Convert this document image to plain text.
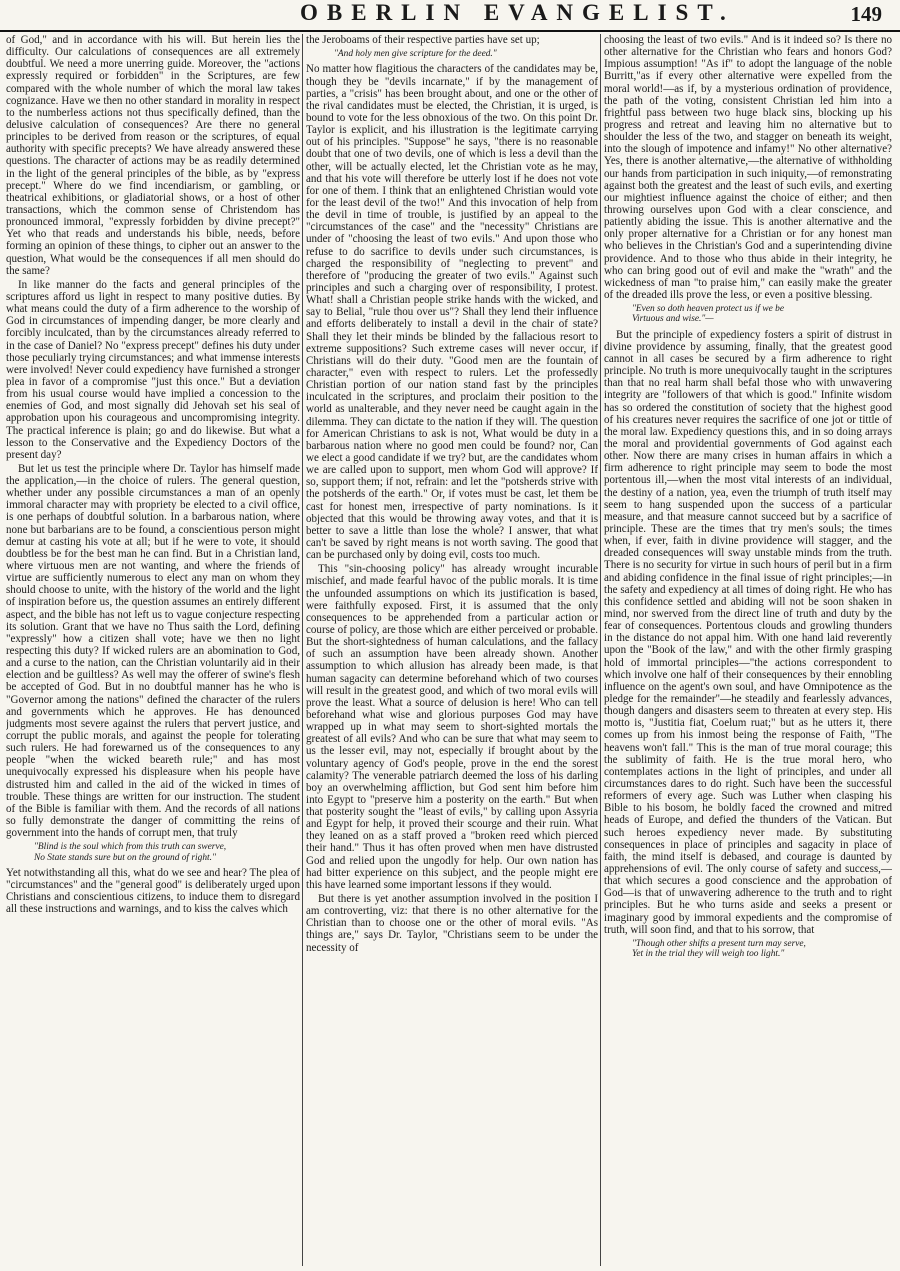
OBERLIN EVANGELIST.	149

of God," and in accordance with his will. But herein lies the difficulty. Our calculations of consequences are all extremely doubtful. We need a more unerring guide. Moreover, the "actions expressly required or forbidden" in the Scriptures, are few compared with the whole number of which the moral law takes cognizance. Have we then no other standard in morality in respect to the numberless actions not thus specifically defined, than the delusive calculation of consequences? Are there no general principles to be derived from reason or the scriptures, of equal authority with specific precepts? We have already answered these questions. The character of actions may be as readily determined in the light of the general principles of the bible, as by "express precept." Where do we find incendiarism, or gambling, or theatrical exhibitions, or gladiatorial shows, or a host of other transactions, which the common sense of Christendom has pronounced immoral, "expressly forbidden by divine precept?" Yet who that reads and understands his bible, needs, before forming an opinion of these things, to cipher out an answer to the question, What would be the consequences if all men should do the same?

In like manner do the facts and general principles of the scriptures afford us light in respect to many positive duties. By what means could the duty of a firm adherence to the worship of God in circumstances of impending danger, be more clearly and forcibly inculcated, than by the circumstances already referred to in the case of Daniel? No "express precept" defines his duty under those peculiarly trying circumstances; and what immense interests were involved! Never could expediency have furnished a stronger plea in favor of a compromise "just this once." But a deviation from his usual course would have implied a concession to the enemies of God, and most signally did Jehovah set his seal of approbation upon his courageous and uncompromising integrity. The practical inference is plain; go and do likewise. But what a lesson to the Conservative and the Expediency Doctors of the present day?

But let us test the principle where Dr. Taylor has himself made the application,—in the choice of rulers. The general question, whether under any possible circumstances a man of an openly immoral character may with propriety be elected to a civil office, is one perhaps of doubtful solution. In a barbarous nation, where none but barbarians are to be found, a conscientious person might demur at casting his vote at all; but if he were to vote, it should doubtless be for the best man he can find. But in a Christian land, where virtuous men are not wanting, and where the friends of virtue are sufficiently numerous to elect any man on whom they should choose to unite, with the history of the world and the light of inspiration before us, the question assumes an entirely different aspect, and the bible has not left us to vague conjecture respecting its solution. Grant that we have no Thus saith the Lord, defining "expressly" how a citizen shall vote; have we then no light respecting this duty? If wicked rulers are an abomination to God, and a curse to the nation, can the Christian voluntarily aid in their election and be guiltless? As well may the offerer of swine's flesh be accepted of God. But in no doubtful manner has he who is "Governor among the nations" defined the character of the rulers and governments which he approves. He has denounced judgments most severe against the rulers that pervert justice, and corrupt the public morals, and against the people for tolerating such rulers. He had forewarned us of the consequences to any people "when the wicked beareth rule;" and has most unequivocally expressed his displeasure when his people have distrusted him and called in the aid of the wicked in times of trouble. These things are written for our instruction. The student of the Bible is familiar with them. And the records of all nations so fully demonstrate the danger of committing the reins of government into the hands of corrupt men, that truly

"Blind is the soul which from this truth can swerve,
No State stands sure but on the ground of right."

Yet notwithstanding all this, what do we see and hear? The plea of "circumstances" and the "general good" is deliberately urged upon Christians and conscientious citizens, to induce them to disregard all these instructions and warnings, and to kiss the calves which

the Jeroboams of their respective parties have set up;

"And holy men give scripture for the deed."

No matter how flagitious the characters of the candidates may be, though they be "devils incarnate," if by the management of parties, a "crisis" has been brought about, and one or the other of the rival candidates must be elected, the Christian, it is urged, is bound to vote for the less obnoxious of the two. On this point Dr. Taylor is explicit, and his illustration is the legitimate carrying out of his principles. "Suppose" he says, "there is no reasonable doubt that one of two devils, one of which is less a devil than the other, will be actually elected, let the Christian vote as he may, and that his vote will therefore be utterly lost if he does not vote for one of them. I think that an enlightened Christian would vote for the least devil of the two!" And this invocation of help from the devil in time of trouble, is justified by an appeal to the "circumstances of the case" and the "necessity" Christians are under of "choosing the least of two evils." And upon those who refuse to do sacrifice to devils under such circumstances, is charged the responsibility of "neglecting to prevent" and therefore of "producing the greater of two evils." Against such principles and such a charging over of responsibility, I protest. What! shall a Christian people strike hands with the wicked, and say to Belial, "rule thou over us"? Shall they lend their influence and efforts deliberately to install a devil in the chair of state? Shall they let their minds be blinded by the fallacious resort to extreme suppositions? Such extreme cases will never occur, if Christians will do their duty. "Good men are the fountain of character," even with respect to rulers. Let the professedly Christian portion of our nation stand fast by the principles inculcated in the scriptures, and proclaim their position to the world as unalterable, and they never need be caught again in the dilemma. They can dictate to the nation if they will. The question for American Christians to ask is not, What would be duty in a barbarous nation where no good men could be found? nor, Can we elect a good candidate if we try? but, are the candidates whom we are called upon to support, men whom God will approve? If so, support them; if not, refrain: and let the "potsherds strive with the potsherds of the earth." Or, if votes must be cast, let them be cast for honest men, irrespective of party nominations. Is it objected that this would be throwing away votes, and that it is better to save a little than lose the whole? I answer, that what can't be saved by right means is not worth saving. The good that can be purchased only by doing evil, costs too much.

This "sin-choosing policy" has already wrought incurable mischief, and made fearful havoc of the public morals. It is time the unfounded assumptions on which its justification is based, were faithfully exposed. First, it is assumed that the only consequences to be apprehended from a particular action or course of policy, are those which are either perceived or probable. But the short-sightedness of human calculations, and the fallacy of such an assumption have been already shown. Another assumption to which allusion has already been made, is that human sagacity can determine beforehand which of two courses will result in the greatest good, and which of two moral evils will prove the least. What a source of delusion is here! Who can tell beforehand what wise and glorious purposes God may have wrapped up in what may seem to short-sighted mortals the greatest of all evils? And who can be sure that what may seem to us the lesser evil, may not, especially if brought about by the voluntary agency of God's people, prove in the end the sorest calamity? The venerable patriarch deemed the loss of his darling boy an overwhelming affliction, but God sent him before him into Egypt to "preserve him a posterity on the earth." But when that posterity sought the "least of evils," by calling upon Assyria and Egypt for help, it proved their scourge and their ruin. What they leaned on as a staff proved a "broken reed which pierced their hand." Thus it has often proved when men have distrusted God and relied upon the ungodly for help. Our own nation has had bitter experience on this subject, and the people might ere this have learned some important lessons if they would.

But there is yet another assumption involved in the position I am controverting, viz: that there is no other alternative for the Christian than to choose one or the other of moral evils. "As things are," says Dr. Taylor, "Christians seem to be under the necessity of

choosing the least of two evils." And is it indeed so? Is there no other alternative for the Christian who fears and honors God? Impious assumption! "As if" to adopt the language of the noble Burritt,"as if every other alternative were expelled from the moral world!—as if, by a mysterious ordination of providence, the path of the voting, consistent Christian led him into a frightful pass between two huge black sins, blocking up his progress and retreat and leaving him no alternative but to shoulder the less of the two, and stagger on beneath its weight, into the slough of impotence and infamy!" No other alternative? Yes, there is another alternative,—the alternative of withholding our hands from participation in such iniquity,—of remonstrating against both the greatest and the least of such evils, and exerting our mightiest influence against the choice of either; and then throwing ourselves upon God with a clear conscience, and patiently abiding the issue. This is another alternative and the only proper alternative for a Christian or for any honest man who believes in the Christian's God and a superintending divine providence. And to those who thus abide in their integrity, he who can bring good out of evil and make the "wrath" and the wickedness of man "to praise him," can easily make the greater of the dreaded ills prove the less, or even a positive blessing.

"Even so doth heaven protect us if we be
Virtuous and wise."—

But the principle of expediency fosters a spirit of distrust in divine providence by assuming, finally, that the greatest good cannot in all cases be secured by a firm adherence to right principle. No truth is more unequivocally taught in the scriptures than that no real harm shall befal those who with unwavering integrity are "followers of that which is good." Infinite wisdom has so ordered the constitution of society that the highest good of his creatures never requires the sacrifice of one jot or tittle of the moral law. Expediency questions this, and in so doing arrays the moral and providential governments of God against each other. Now there are many crises in human affairs in which a firm adherence to right principle may seem to bode the most portentous ill,—when the most vital interests of an individual, the destiny of a nation, yea, even the triumph of truth itself may seem to hang suspended upon the success of a particular measure, and that measure cannot succeed but by a sacrifice of principle. These are the times that try men's souls; the times when, if ever, faith in divine providence will stagger, and the dreaded consequences will sway unstable minds from the truth. There is no security for virtue in such hours of peril but in a firm and abiding confidence in the final issue of right principles;—in the safety and expediency at all times of doing right. He who has this confidence settled and abiding will not be soon shaken in mind, nor swerved from the direct line of truth and duty by the fear of consequences. Portentous clouds and growling thunders in the distance do not appal him. With one hand laid reverently upon the "Book of the law," and with the other firmly grasping hold of immortal principles—"the actions correspondent to which involve one half of their consequences by their ennobling influence on the agent's own soul, and have Omnipotence as the pledge for the remainder"—he steadily and fearlessly advances, though dangers and disasters seem to threaten at every step. His motto is, "Justitia fiat, Coelum ruat;" but as he utters it, there comes up from his inmost being the response of Faith, "The heavens won't fall." This is the man of true moral courage; this the sublimity of faith. He is the true moral hero, who contemplates actions in the light of principles, and under all circumstances dares to do right. Such have been the successful reformers of every age. Such was Luther when clasping his Bible to his bosom, he boldly faced the crowned and mitred heads of Europe, and defied the thunders of the Vatican. But such heroes expediency never made. By substituting consequences in place of principles and sagacity in place of faith, the mind itself is debased, and courage is daunted by apprehensions of evil. The only course of safety and success,—that which secures a good conscience and the approbation of God—is that of unwavering adherence to the truth and to right principles. But he who turns aside and seeks a present or imaginary good by immoral expedients and the compromise of truth, will soon find, and that to his sorrow, that

"Though other shifts a present turn may serve,
Yet in the trial they will weigh too light."
